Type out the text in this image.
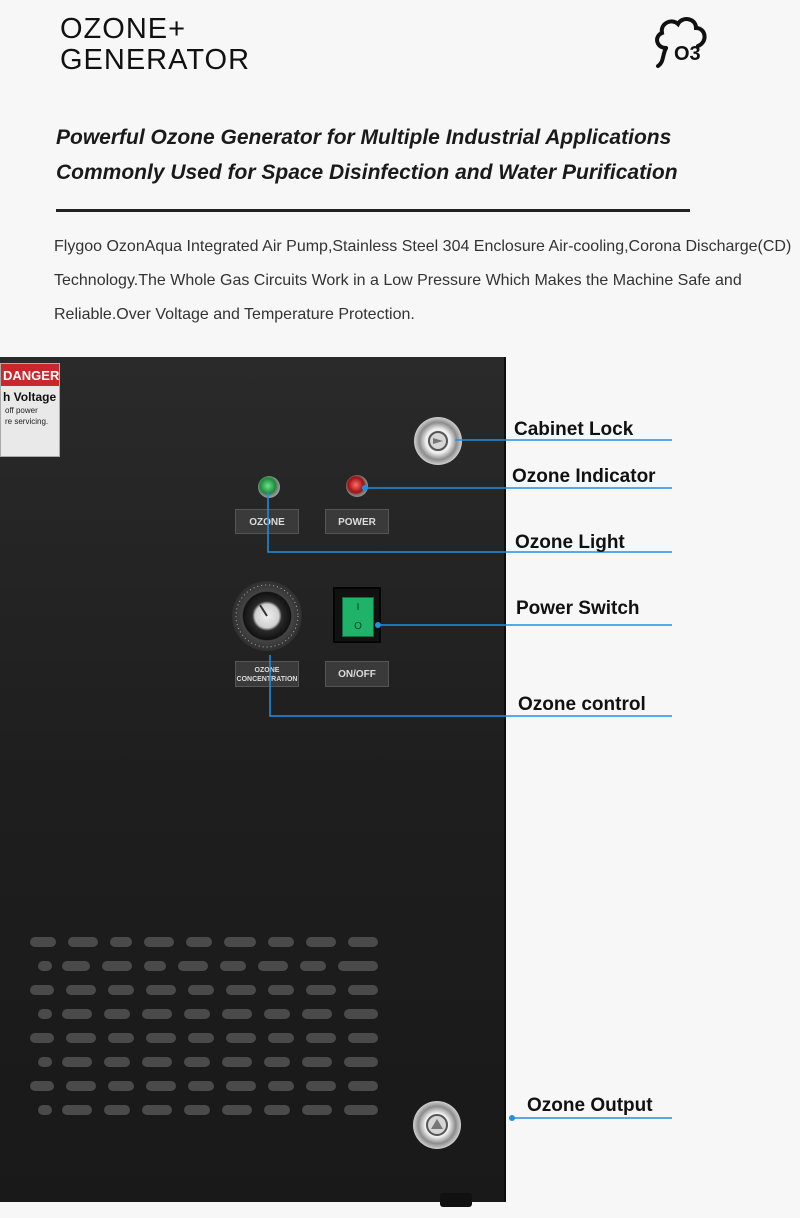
OZONE+
GENERATOR	O3
Powerful Ozone Generator for Multiple Industrial Applications
Commonly Used for Space Disinfection and Water Purification
Flygoo OzonAqua Integrated Air Pump,Stainless Steel 304 Enclosure Air-cooling,Corona Discharge(CD) Technology.The Whole Gas Circuits Work in a Low Pressure Which Makes the Machine Safe and Reliable.Over Voltage and Temperature Protection.
DANGER
h Voltage
off power
re servicing.
OZONE	POWER
I
O
OZONE
CONCENTRATION	ON/OFF
Cabinet Lock
Ozone Indicator
Ozone Light
Power Switch
Ozone control
Ozone Output
